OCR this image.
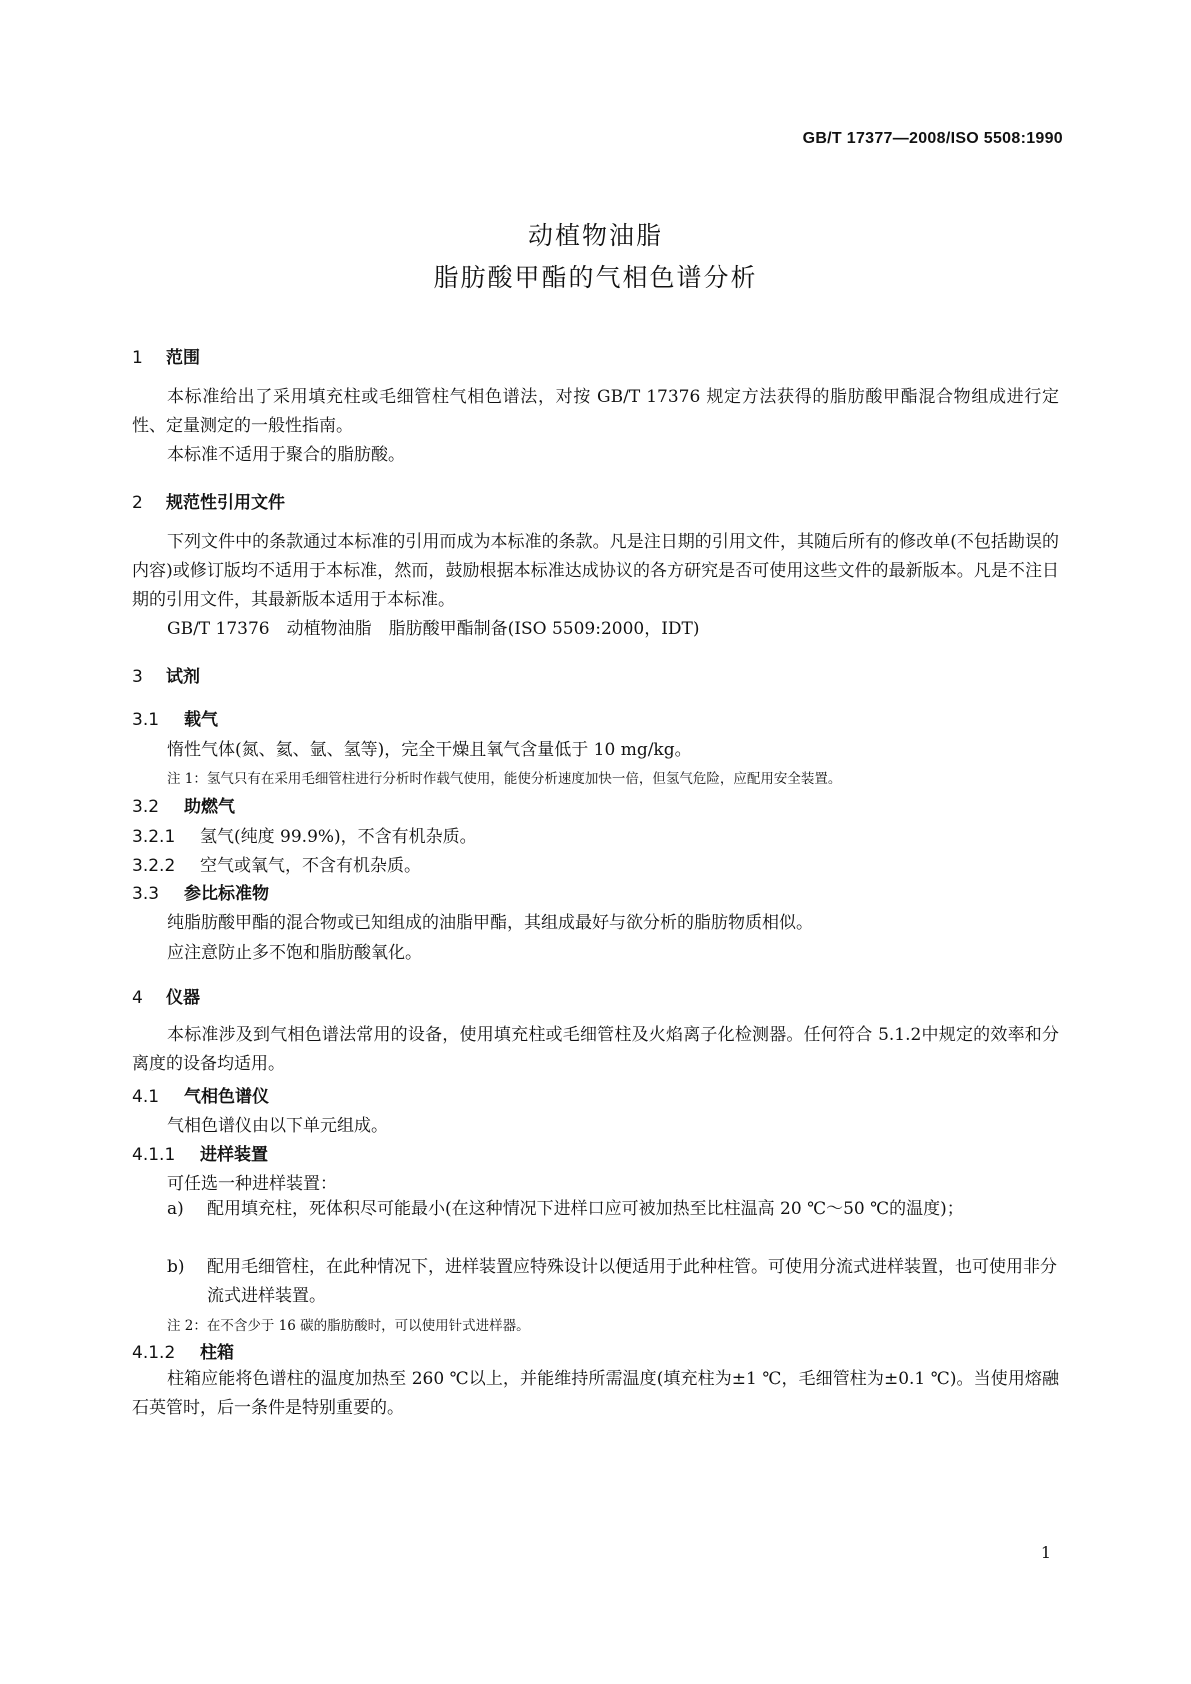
GB/T 17377—2008/ISO 5508:1990
动植物油脂
脂肪酸甲酯的气相色谱分析
1 范围
本标准给出了采用填充柱或毛细管柱气相色谱法，对按 GB/T 17376 规定方法获得的脂肪酸甲酯混合物组成进行定性、定量测定的一般性指南。
本标准不适用于聚合的脂肪酸。
2 规范性引用文件
下列文件中的条款通过本标准的引用而成为本标准的条款。凡是注日期的引用文件，其随后所有的修改单(不包括勘误的内容)或修订版均不适用于本标准，然而，鼓励根据本标准达成协议的各方研究是否可使用这些文件的最新版本。凡是不注日期的引用文件，其最新版本适用于本标准。
GB/T 17376　动植物油脂　脂肪酸甲酯制备(ISO 5509:2000，IDT)
3 试剂
3.1 载气
惰性气体(氮、氦、氩、氢等)，完全干燥且氧气含量低于 10 mg/kg。
注 1：氢气只有在采用毛细管柱进行分析时作载气使用，能使分析速度加快一倍，但氢气危险，应配用安全装置。
3.2 助燃气
3.2.1 氢气(纯度 99.9%)，不含有机杂质。
3.2.2 空气或氧气，不含有机杂质。
3.3 参比标准物
纯脂肪酸甲酯的混合物或已知组成的油脂甲酯，其组成最好与欲分析的脂肪物质相似。
应注意防止多不饱和脂肪酸氧化。
4 仪器
本标准涉及到气相色谱法常用的设备，使用填充柱或毛细管柱及火焰离子化检测器。任何符合 5.1.2中规定的效率和分离度的设备均适用。
4.1 气相色谱仪
气相色谱仪由以下单元组成。
4.1.1 进样装置
可任选一种进样装置：
a) 配用填充柱，死体积尽可能最小(在这种情况下进样口应可被加热至比柱温高 20 ℃～50 ℃的温度)；
b) 配用毛细管柱，在此种情况下，进样装置应特殊设计以便适用于此种柱管。可使用分流式进样装置，也可使用非分流式进样装置。
注 2：在不含少于 16 碳的脂肪酸时，可以使用针式进样器。
4.1.2 柱箱
柱箱应能将色谱柱的温度加热至 260 ℃以上，并能维持所需温度(填充柱为±1 ℃，毛细管柱为±0.1 ℃)。当使用熔融石英管时，后一条件是特别重要的。
1
